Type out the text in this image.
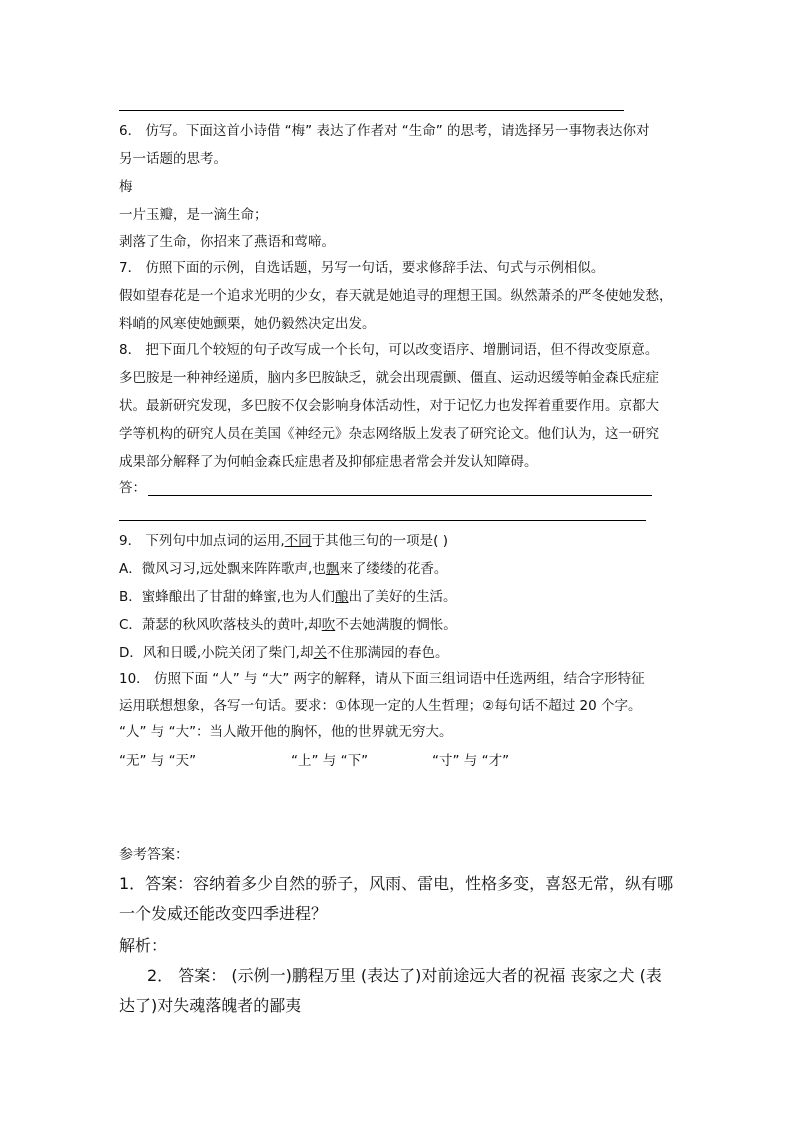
6． 仿写。下面这首小诗借 “梅” 表达了作者对 “生命” 的思考，请选择另一事物表达你对
另一话题的思考。
梅
一片玉瓣，是一滴生命；
剥落了生命，你招来了燕语和莺啼。
7． 仿照下面的示例，自选话题，另写一句话，要求修辞手法、句式与示例相似。
假如望春花是一个追求光明的少女，春天就是她追寻的理想王国。纵然萧杀的严冬使她发愁，
料峭的风寒使她颤栗，她仍毅然决定出发。
8． 把下面几个较短的句子改写成一个长句，可以改变语序、增删词语，但不得改变原意。
多巴胺是一种神经递质，脑内多巴胺缺乏，就会出现震颤、僵直、运动迟缓等帕金森氏症症
状。最新研究发现，多巴胺不仅会影响身体活动性，对于记忆力也发挥着重要作用。京都大
学等机构的研究人员在美国《神经元》杂志网络版上发表了研究论文。他们认为，这一研究
成果部分解释了为何帕金森氏症患者及抑郁症患者常会并发认知障碍。
答：
9． 下列句中加点词的运用,不同于其他三句的一项是( )
A．微风习习,远处飘来阵阵歌声,也飘来了缕缕的花香。
B．蜜蜂酿出了甘甜的蜂蜜,也为人们酿出了美好的生活。
C．萧瑟的秋风吹落枝头的黄叶,却吹不去她满腹的惆怅。
D．风和日暖,小院关闭了柴门,却关不住那满园的春色。
10． 仿照下面 “人” 与 “大” 两字的解释，请从下面三组词语中任选两组，结合字形特征
运用联想想象，各写一句话。要求：①体现一定的人生哲理；②每句话不超过 20 个字。
“人” 与 “大”：当人敞开他的胸怀，他的世界就无穷大。
“无” 与 “天”	“上” 与 “下”	“寸” 与 “才”
参考答案：
1．答案：容纳着多少自然的骄子，风雨、雷电，性格多变，喜怒无常，纵有哪
一个发威还能改变四季进程？
解析：
2． 答案： (示例一)鹏程万里 (表达了)对前途远大者的祝福 丧家之犬 (表
达了)对失魂落魄者的鄙夷
